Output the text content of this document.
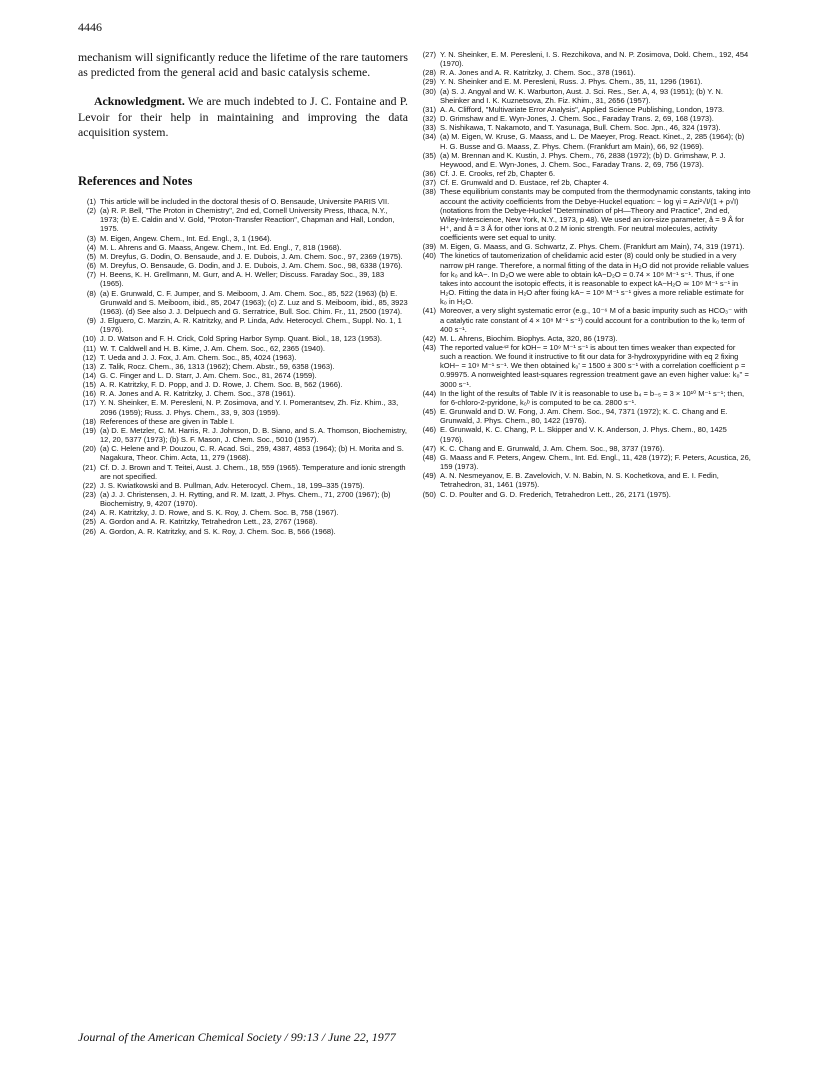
4446

mechanism will significantly reduce the lifetime of the rare tautomers as predicted from the general acid and basic catalysis scheme.

Acknowledgment. We are much indebted to J. C. Fontaine and P. Levoir for their help in maintaining and improving the data acquisition system.

References and Notes
(1) This article will be included in the doctoral thesis of O. Bensaude, Universite PARIS VII.
(2) (a) R. P. Bell, "The Proton in Chemistry", 2nd ed, Cornell University Press, Ithaca, N.Y., 1973; (b) E. Caldin and V. Gold, "Proton-Transfer Reaction", Chapman and Hall, London, 1975.
(3) M. Eigen, Angew. Chem., Int. Ed. Engl., 3, 1 (1964).
(4) M. L. Ahrens and G. Maass, Angew. Chem., Int. Ed. Engl., 7, 818 (1968).
(5) M. Dreyfus, G. Dodin, O. Bensaude, and J. E. Dubois, J. Am. Chem. Soc., 97, 2369 (1975).
(6) M. Dreyfus, O. Bensaude, G. Dodin, and J. E. Dubois, J. Am. Chem. Soc., 98, 6338 (1976).
(7) H. Beens, K. H. Grellmann, M. Gurr, and A. H. Weller; Discuss. Faraday Soc., 39, 183 (1965).
(8) (a) E. Grunwald, C. F. Jumper, and S. Meiboom, J. Am. Chem. Soc., 85, 522 (1963) (b) E. Grunwald and S. Meiboom, ibid., 85, 2047 (1963); (c) Z. Luz and S. Meiboom, ibid., 85, 3923 (1963). (d) See also J. J. Delpuech and G. Serratrice, Bull. Soc. Chim. Fr., 11, 2500 (1974).
(9) J. Elguero, C. Marzin, A. R. Katritzky, and P. Linda, Adv. Heterocycl. Chem., Suppl. No. 1, 1 (1976).
(10) J. D. Watson and F. H. Crick, Cold Spring Harbor Symp. Quant. Biol., 18, 123 (1953).
(11) W. T. Caldwell and H. B. Kime, J. Am. Chem. Soc., 62, 2365 (1940).
(12) T. Ueda and J. J. Fox, J. Am. Chem. Soc., 85, 4024 (1963).
(13) Z. Talik, Rocz. Chem., 36, 1313 (1962); Chem. Abstr., 59, 6358 (1963).
(14) G. C. Finger and L. D. Starr, J. Am. Chem. Soc., 81, 2674 (1959).
(15) A. R. Katritzky, F. D. Popp, and J. D. Rowe, J. Chem. Soc. B, 562 (1966).
(16) R. A. Jones and A. R. Katritzky, J. Chem. Soc., 378 (1961).
(17) Y. N. Sheinker, E. M. Peresleni, N. P. Zosimova, and Y. I. Pomerantsev, Zh. Fiz. Khim., 33, 2096 (1959); Russ. J. Phys. Chem., 33, 9, 303 (1959).
(18) References of these are given in Table I.
(19) (a) D. E. Metzler, C. M. Harris, R. J. Johnson, D. B. Siano, and S. A. Thomson, Biochemistry, 12, 20, 5377 (1973); (b) S. F. Mason, J. Chem. Soc., 5010 (1957).
(20) (a) C. Helene and P. Douzou, C. R. Acad. Sci., 259, 4387, 4853 (1964); (b) H. Morita and S. Nagakura, Theor. Chim. Acta, 11, 279 (1968).
(21) Cf. D. J. Brown and T. Teitei, Aust. J. Chem., 18, 559 (1965). Temperature and ionic strength are not specified.
(22) J. S. Kwiatkowski and B. Pullman, Adv. Heterocycl. Chem., 18, 199–335 (1975).
(23) (a) J. J. Christensen, J. H. Rytting, and R. M. Izatt, J. Phys. Chem., 71, 2700 (1967); (b) Biochemistry, 9, 4207 (1970).
(24) A. R. Katritzky, J. D. Rowe, and S. K. Roy, J. Chem. Soc. B, 758 (1967).
(25) A. Gordon and A. R. Katritzky, Tetrahedron Lett., 23, 2767 (1968).
(26) A. Gordon, A. R. Katritzky, and S. K. Roy, J. Chem. Soc. B, 566 (1968).
(27) Y. N. Sheinker, E. M. Peresleni, I. S. Rezchikova, and N. P. Zosimova, Dokl. Chem., 192, 454 (1970).
(28) R. A. Jones and A. R. Katritzky, J. Chem. Soc., 378 (1961).
(29) Y. N. Sheinker and E. M. Peresleni, Russ. J. Phys. Chem., 35, 11, 1296 (1961).
(30) (a) S. J. Angyal and W. K. Warburton, Aust. J. Sci. Res., Ser. A, 4, 93 (1951); (b) Y. N. Sheinker and I. K. Kuznetsova, Zh. Fiz. Khim., 31, 2656 (1957).
(31) A. A. Clifford, "Multivariate Error Analysis", Applied Science Publishing, London, 1973.
(32) D. Grimshaw and E. Wyn-Jones, J. Chem. Soc., Faraday Trans. 2, 69, 168 (1973).
(33) S. Nishikawa, T. Nakamoto, and T. Yasunaga, Bull. Chem. Soc. Jpn., 46, 324 (1973).
(34) (a) M. Eigen, W. Kruse, G. Maass, and L. De Maeyer, Prog. React. Kinet., 2, 285 (1964); (b) H. G. Busse and G. Maass, Z. Phys. Chem. (Frankfurt am Main), 66, 92 (1969).
(35) (a) M. Brennan and K. Kustin, J. Phys. Chem., 76, 2838 (1972); (b) D. Grimshaw, P. J. Heywood, and E. Wyn-Jones, J. Chem. Soc., Faraday Trans. 2, 69, 756 (1973).
(36) Cf. J. E. Crooks, ref 2b, Chapter 6.
(37) Cf. E. Grunwald and D. Eustace, ref 2b, Chapter 4.
(38) These equilibrium constants may be computed from the thermodynamic constants, taking into account the activity coefficients from the Debye-Huckel equation: − log γi = Azi²√I/(1 + ρ√I) (notations from the Debye-Huckel "Determination of pH—Theory and Practice", 2nd ed, Wiley-Interscience, New York, N.Y., 1973, p 48). We used an ion-size parameter, å = 9 Å for H⁺, and å = 3 Å for other ions at 0.2 M ionic strength. For neutral molecules, activity coefficients were set equal to unity.
(39) M. Eigen, G. Maass, and G. Schwartz, Z. Phys. Chem. (Frankfurt am Main), 74, 319 (1971).
(40) The kinetics of tautomerization of chelidamic acid ester (8) could only be studied in a very narrow pH range. Therefore, a normal fitting of the data in H₂O did not provide reliable values for k₀ and kA−. In D₂O we were able to obtain kA−D₂O = 0.74 × 10⁸ M⁻¹ s⁻¹. Thus, if one takes into account the isotopic effects, it is reasonable to expect kA−H₂O ≃ 10⁸ M⁻¹ s⁻¹ in H₂O. Fitting the data in H₂O after fixing kA− = 10⁸ M⁻¹ s⁻¹ gives a more reliable estimate for k₀ in H₂O.
(41) Moreover, a very slight systematic error (e.g., 10⁻⁶ M of a basic impurity such as HCO₃⁻ with a catalytic rate constant of 4 × 10⁸ M⁻¹ s⁻¹) could account for a contribution to the k₀ term of 400 s⁻¹.
(42) M. L. Ahrens, Biochim. Biophys. Acta, 320, 86 (1973).
(43) The reported value⁴² for kOH− = 10⁹ M⁻¹ s⁻¹ is about ten times weaker than expected for such a reaction. We found it instructive to fit our data for 3-hydroxypyridine with eq 2 fixing kOH− = 10⁹ M⁻¹ s⁻¹. We then obtained k₀' = 1500 ± 300 s⁻¹ with a correlation coefficient ρ = 0.99975. A nonweighted least-squares regression treatment gave an even higher value: k₀'' = 3000 s⁻¹.
(44) In the light of the results of Table IV it is reasonable to use b₄ = b₋₅ = 3 × 10¹⁰ M⁻¹ s⁻¹; then, for 6-chloro-2-pyridone, k₀ᵇ is computed to be ca. 2800 s⁻¹.
(45) E. Grunwald and D. W. Fong, J. Am. Chem. Soc., 94, 7371 (1972); K. C. Chang and E. Grunwald, J. Phys. Chem., 80, 1422 (1976).
(46) E. Grunwald, K. C. Chang, P. L. Skipper and V. K. Anderson, J. Phys. Chem., 80, 1425 (1976).
(47) K. C. Chang and E. Grunwald, J. Am. Chem. Soc., 98, 3737 (1976).
(48) G. Maass and F. Peters, Angew. Chem., Int. Ed. Engl., 11, 428 (1972); F. Peters, Acustica, 26, 159 (1973).
(49) A. N. Nesmeyanov, E. B. Zavelovich, V. N. Babin, N. S. Kochetkova, and E. I. Fedin, Tetrahedron, 31, 1461 (1975).
(50) C. D. Poulter and G. D. Frederich, Tetrahedron Lett., 26, 2171 (1975).
Journal of the American Chemical Society / 99:13 / June 22, 1977
